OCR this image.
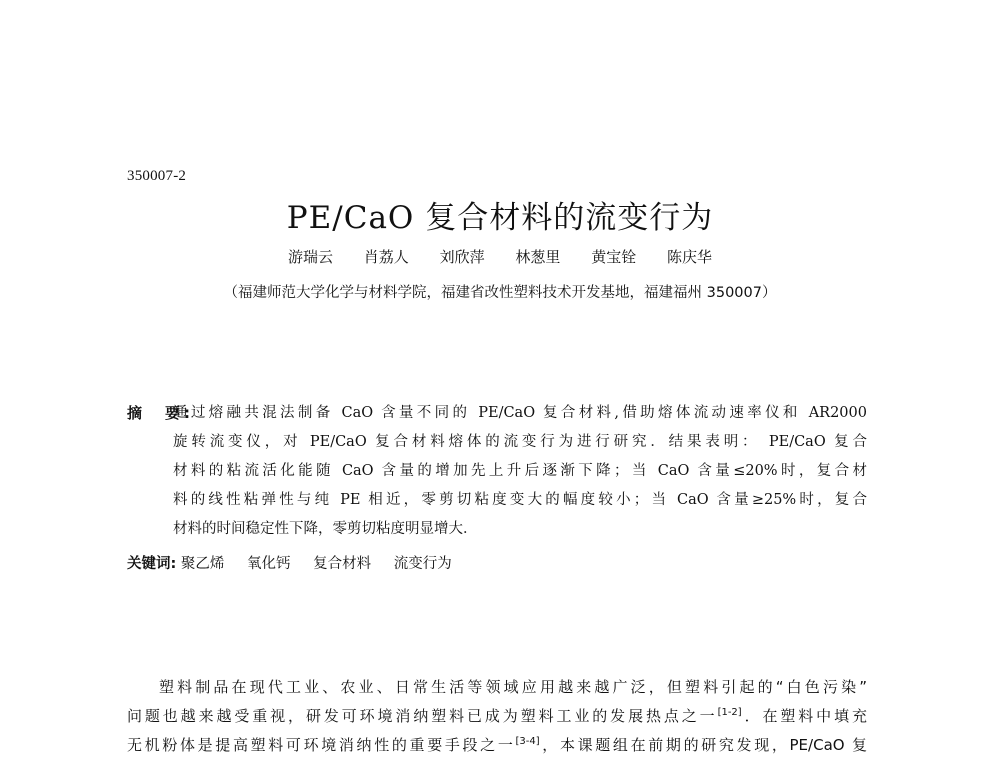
350007-2
PE/CaO 复合材料的流变行为
游瑞云 肖荔人 刘欣萍 林葱里 黄宝铨 陈庆华
（福建师范大学化学与材料学院，福建省改性塑料技术开发基地，福建福州 350007）
摘　要:
通过熔融共混法制备 CaO 含量不同的 PE/CaO 复合材料,借助熔体流动速率仪和 AR2000
旋转流变仪，对 PE/CaO 复合材料熔体的流变行为进行研究．结果表明： PE/CaO 复合
材料的粘流活化能随 CaO 含量的增加先上升后逐渐下降；当 CaO 含量≤20%时，复合材
料的线性粘弹性与纯 PE 相近，零剪切粘度变大的幅度较小；当 CaO 含量≥25%时，复合
材料的时间稳定性下降，零剪切粘度明显增大．
关键词: 聚乙烯 氧化钙 复合材料 流变行为
塑料制品在现代工业、农业、日常生活等领域应用越来越广泛，但塑料引起的“白色污染”
问题也越来越受重视，研发可环境消纳塑料已成为塑料工业的发展热点之一[1-2]．在塑料中填充
无机粉体是提高塑料可环境消纳性的重要手段之一[3-4]，本课题组在前期的研究发现，PE/CaO 复
